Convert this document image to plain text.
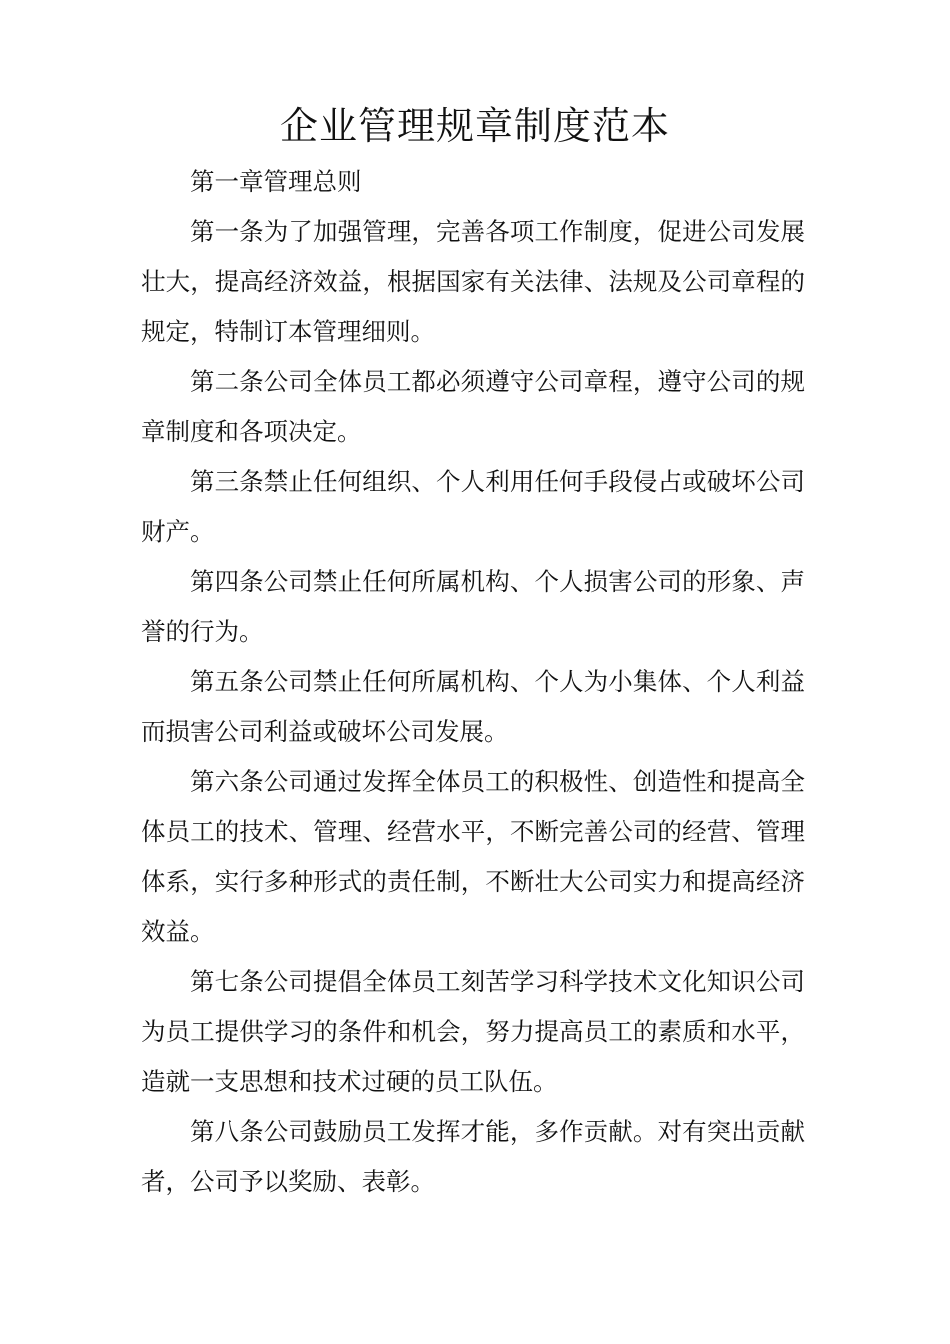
企业管理规章制度范本

第一章管理总则

第一条为了加强管理，完善各项工作制度，促进公司发展壮大，提高经济效益，根据国家有关法律、法规及公司章程的规定，特制订本管理细则。

第二条公司全体员工都必须遵守公司章程，遵守公司的规章制度和各项决定。

第三条禁止任何组织、个人利用任何手段侵占或破坏公司财产。

第四条公司禁止任何所属机构、个人损害公司的形象、声誉的行为。

第五条公司禁止任何所属机构、个人为小集体、个人利益而损害公司利益或破坏公司发展。

第六条公司通过发挥全体员工的积极性、创造性和提高全体员工的技术、管理、经营水平，不断完善公司的经营、管理体系，实行多种形式的责任制，不断壮大公司实力和提高经济效益。

第七条公司提倡全体员工刻苦学习科学技术文化知识公司为员工提供学习的条件和机会，努力提高员工的素质和水平，造就一支思想和技术过硬的员工队伍。

第八条公司鼓励员工发挥才能，多作贡献。对有突出贡献者，公司予以奖励、表彰。
